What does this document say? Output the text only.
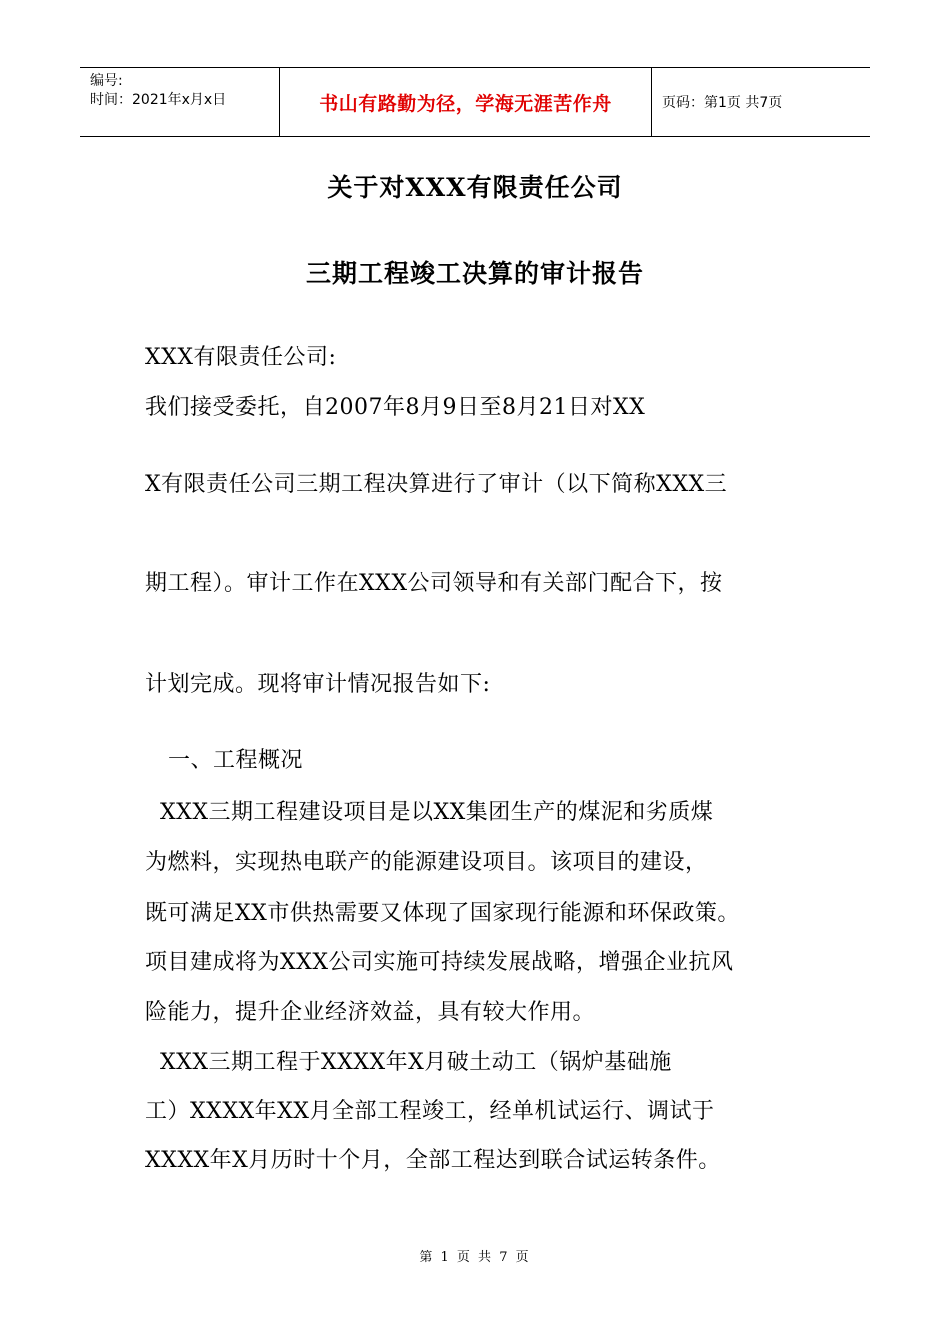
编号:
时间：2021年x月x日	书山有路勤为径，学海无涯苦作舟	页码：第1页 共7页
关于对XXX有限责任公司
三期工程竣工决算的审计报告
XXX有限责任公司:
我们接受委托，自2007年8月9日至8月21日对XX
X有限责任公司三期工程决算进行了审计（以下简称XXX三
期工程）。审计工作在XXX公司领导和有关部门配合下，按
计划完成。现将审计情况报告如下:
一、工程概况
XXX三期工程建设项目是以XX集团生产的煤泥和劣质煤
为燃料，实现热电联产的能源建设项目。该项目的建设，
既可满足XX市供热需要又体现了国家现行能源和环保政策。
项目建成将为XXX公司实施可持续发展战略，增强企业抗风
险能力，提升企业经济效益，具有较大作用。
XXX三期工程于XXXX年X月破土动工（锅炉基础施
工）XXXX年XX月全部工程竣工，经单机试运行、调试于
XXXX年X月历时十个月，全部工程达到联合试运转条件。
第 1 页 共 7 页
